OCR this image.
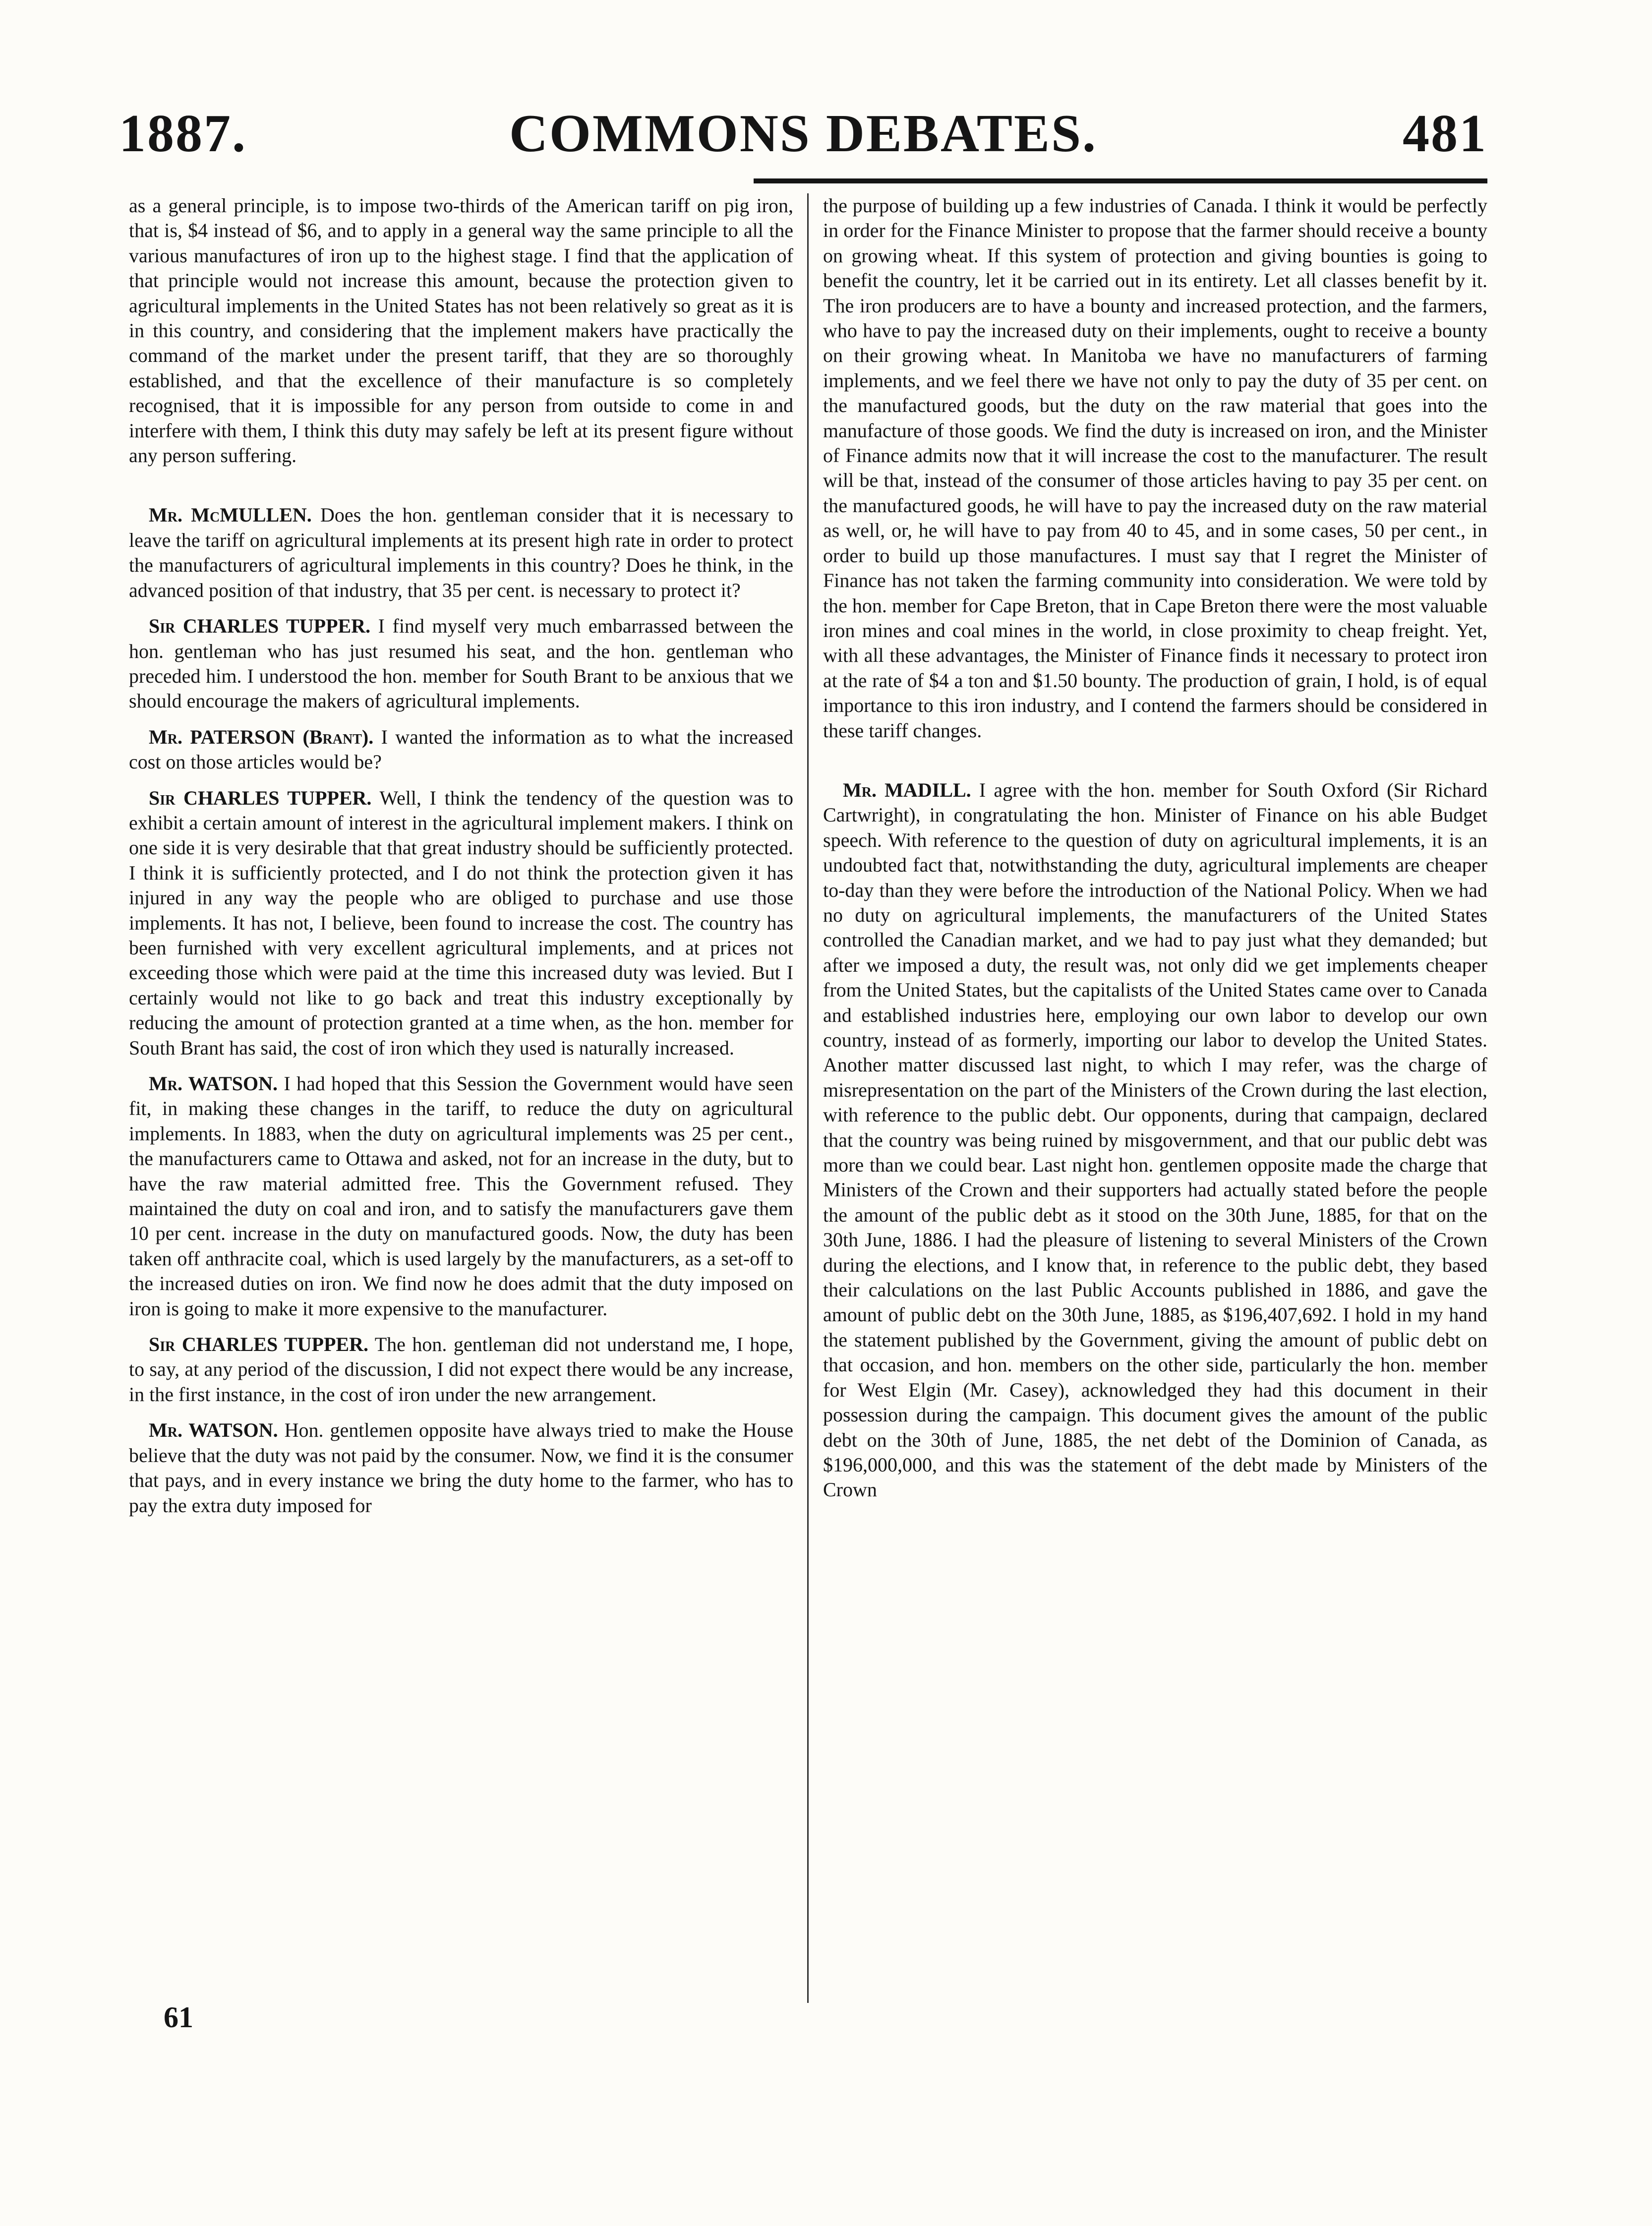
1887.	COMMONS DEBATES.	481

as a general principle, is to impose two-thirds of the American tariff on pig iron, that is, $4 instead of $6, and to apply in a general way the same principle to all the various manufactures of iron up to the highest stage. I find that the application of that principle would not increase this amount, because the protection given to agricultural implements in the United States has not been relatively so great as it is in this country, and considering that the implement makers have practically the command of the market under the present tariff, that they are so thoroughly established, and that the excellence of their manufacture is so completely recognised, that it is impossible for any person from outside to come in and interfere with them, I think this duty may safely be left at its present figure without any person suffering.

Mr. McMULLEN. Does the hon. gentleman consider that it is necessary to leave the tariff on agricultural implements at its present high rate in order to protect the manufacturers of agricultural implements in this country? Does he think, in the advanced position of that industry, that 35 per cent. is necessary to protect it?

Sir CHARLES TUPPER. I find myself very much embarrassed between the hon. gentleman who has just resumed his seat, and the hon. gentleman who preceded him. I understood the hon. member for South Brant to be anxious that we should encourage the makers of agricultural implements.

Mr. PATERSON (Brant). I wanted the information as to what the increased cost on those articles would be?

Sir CHARLES TUPPER. Well, I think the tendency of the question was to exhibit a certain amount of interest in the agricultural implement makers. I think on one side it is very desirable that that great industry should be sufficiently protected. I think it is sufficiently protected, and I do not think the protection given it has injured in any way the people who are obliged to purchase and use those implements. It has not, I believe, been found to increase the cost. The country has been furnished with very excellent agricultural implements, and at prices not exceeding those which were paid at the time this increased duty was levied. But I certainly would not like to go back and treat this industry exceptionally by reducing the amount of protection granted at a time when, as the hon. member for South Brant has said, the cost of iron which they used is naturally increased.

Mr. WATSON. I had hoped that this Session the Government would have seen fit, in making these changes in the tariff, to reduce the duty on agricultural implements. In 1883, when the duty on agricultural implements was 25 per cent., the manufacturers came to Ottawa and asked, not for an increase in the duty, but to have the raw material admitted free. This the Government refused. They maintained the duty on coal and iron, and to satisfy the manufacturers gave them 10 per cent. increase in the duty on manufactured goods. Now, the duty has been taken off anthracite coal, which is used largely by the manufacturers, as a set-off to the increased duties on iron. We find now he does admit that the duty imposed on iron is going to make it more expensive to the manufacturer.

Sir CHARLES TUPPER. The hon. gentleman did not understand me, I hope, to say, at any period of the discussion, I did not expect there would be any increase, in the first instance, in the cost of iron under the new arrangement.

Mr. WATSON. Hon. gentlemen opposite have always tried to make the House believe that the duty was not paid by the consumer. Now, we find it is the consumer that pays, and in every instance we bring the duty home to the farmer, who has to pay the extra duty imposed for

the purpose of building up a few industries of Canada. I think it would be perfectly in order for the Finance Minister to propose that the farmer should receive a bounty on growing wheat. If this system of protection and giving bounties is going to benefit the country, let it be carried out in its entirety. Let all classes benefit by it. The iron producers are to have a bounty and increased protection, and the farmers, who have to pay the increased duty on their implements, ought to receive a bounty on their growing wheat. In Manitoba we have no manufacturers of farming implements, and we feel there we have not only to pay the duty of 35 per cent. on the manufactured goods, but the duty on the raw material that goes into the manufacture of those goods. We find the duty is increased on iron, and the Minister of Finance admits now that it will increase the cost to the manufacturer. The result will be that, instead of the consumer of those articles having to pay 35 per cent. on the manufactured goods, he will have to pay the increased duty on the raw material as well, or, he will have to pay from 40 to 45, and in some cases, 50 per cent., in order to build up those manufactures. I must say that I regret the Minister of Finance has not taken the farming community into consideration. We were told by the hon. member for Cape Breton, that in Cape Breton there were the most valuable iron mines and coal mines in the world, in close proximity to cheap freight. Yet, with all these advantages, the Minister of Finance finds it necessary to protect iron at the rate of $4 a ton and $1.50 bounty. The production of grain, I hold, is of equal importance to this iron industry, and I contend the farmers should be considered in these tariff changes.

Mr. MADILL. I agree with the hon. member for South Oxford (Sir Richard Cartwright), in congratulating the hon. Minister of Finance on his able Budget speech. With reference to the question of duty on agricultural implements, it is an undoubted fact that, notwithstanding the duty, agricultural implements are cheaper to-day than they were before the introduction of the National Policy. When we had no duty on agricultural implements, the manufacturers of the United States controlled the Canadian market, and we had to pay just what they demanded; but after we imposed a duty, the result was, not only did we get implements cheaper from the United States, but the capitalists of the United States came over to Canada and established industries here, employing our own labor to develop our own country, instead of as formerly, importing our labor to develop the United States. Another matter discussed last night, to which I may refer, was the charge of misrepresentation on the part of the Ministers of the Crown during the last election, with reference to the public debt. Our opponents, during that campaign, declared that the country was being ruined by misgovernment, and that our public debt was more than we could bear. Last night hon. gentlemen opposite made the charge that Ministers of the Crown and their supporters had actually stated before the people the amount of the public debt as it stood on the 30th June, 1885, for that on the 30th June, 1886. I had the pleasure of listening to several Ministers of the Crown during the elections, and I know that, in reference to the public debt, they based their calculations on the last Public Accounts published in 1886, and gave the amount of public debt on the 30th June, 1885, as $196,407,692. I hold in my hand the statement published by the Government, giving the amount of public debt on that occasion, and hon. members on the other side, particularly the hon. member for West Elgin (Mr. Casey), acknowledged they had this document in their possession during the campaign. This document gives the amount of the public debt on the 30th of June, 1885, the net debt of the Dominion of Canada, as $196,000,000, and this was the statement of the debt made by Ministers of the Crown

61
